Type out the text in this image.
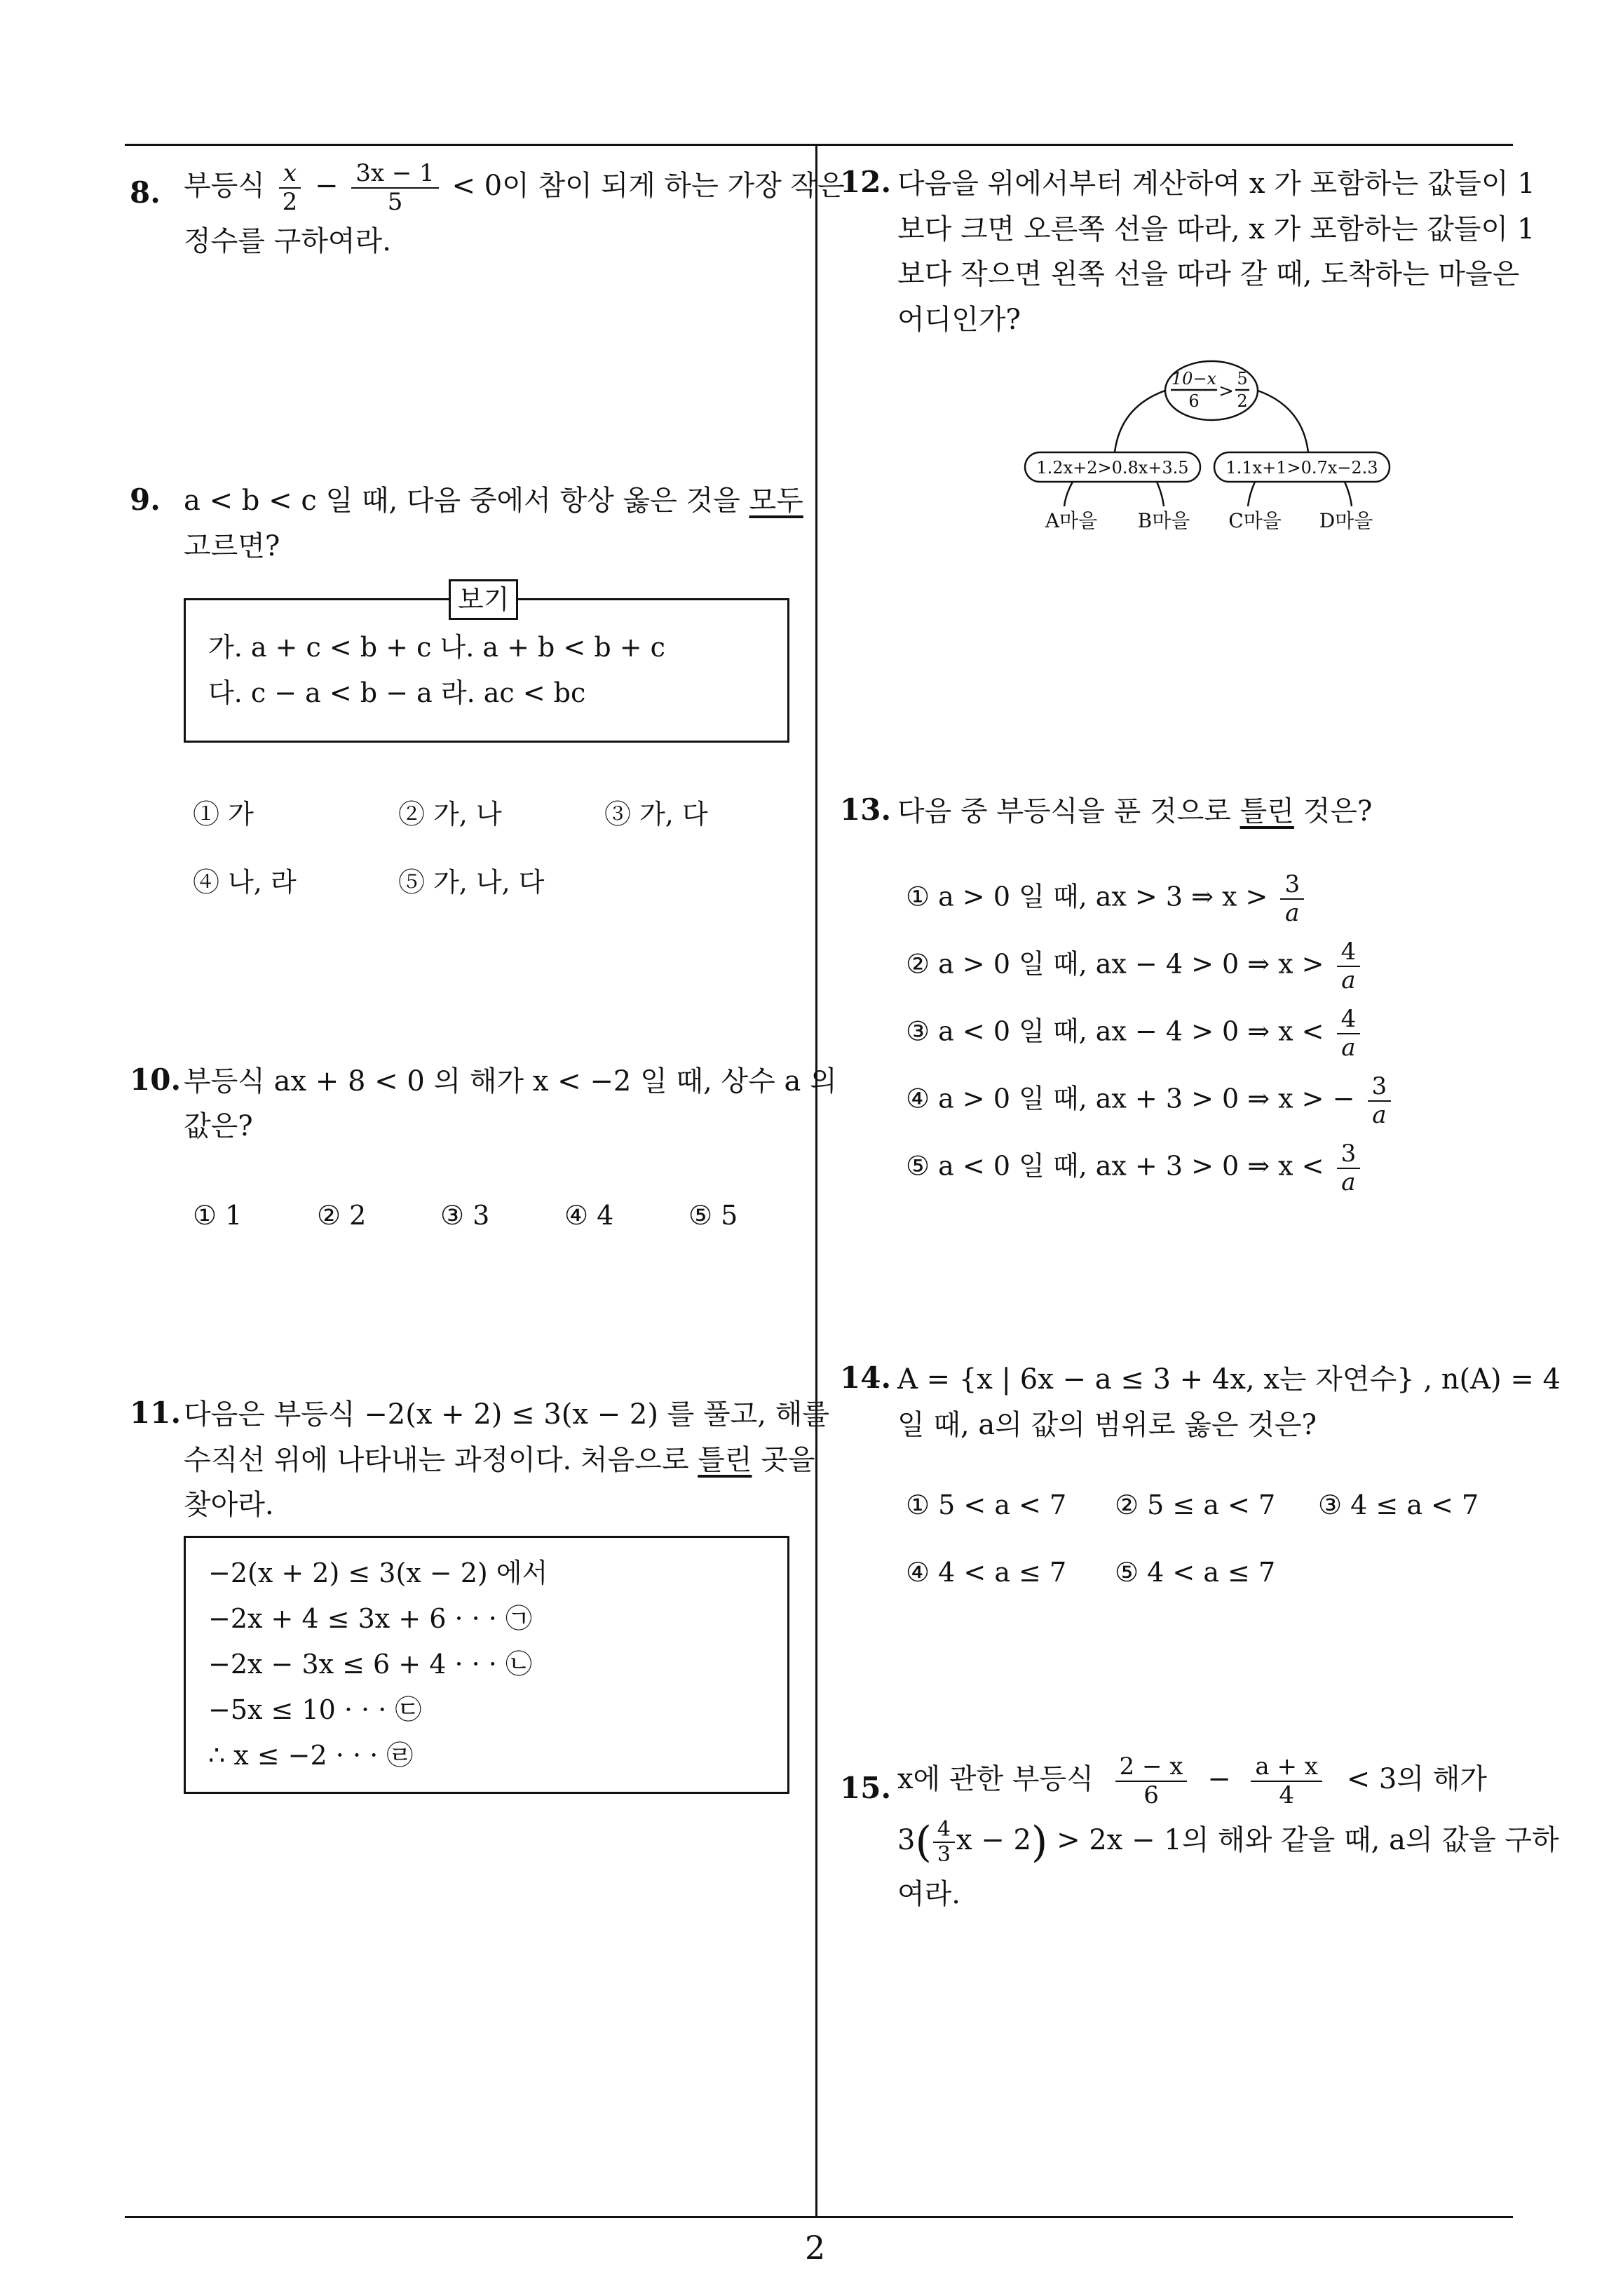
2
8. 부등식 $\frac{x}{2} - \frac{3x - 1}{5} < 0$이 참이 되게 하는 가장 작은
정수를 구하여라.
9. a < b < c 일 때, 다음 중에서 항상 옳은 것을 모두
고르면?
보기
가. a + c < b + c 나. a + b < b + c
다. c − a < b − a 라. ac < bc
① 가	② 가, 나	③ 가, 다
④ 나, 라	⑤ 가, 나, 다
10. 부등식 ax + 8 < 0 의 해가 x < −2 일 때, 상수 a 의
값은?
① 1	② 2	③ 3	④ 4	⑤ 5
11. 다음은 부등식 −2(x + 2) ≤ 3(x − 2) 를 풀고, 해를
수직선 위에 나타내는 과정이다. 처음으로 틀린 곳을
찾아라.
−2(x + 2) ≤ 3(x − 2) 에서
−2x + 4 ≤ 3x + 6 · · · ㉠
−2x − 3x ≤ 6 + 4 · · · ㉡
−5x ≤ 10 · · · ㉢
∴ x ≤ −2 · · · ㉣
12. 다음을 위에서부터 계산하여 x 가 포함하는 값들이 1
보다 크면 오른쪽 선을 따라, x 가 포함하는 값들이 1
보다 작으면 왼쪽 선을 따라 갈 때, 도착하는 마을은
어디인가?
10−x
6 >
5
2
1.2x+2>0.8x+3.5 1.1x+1>0.7x−2.3
A마을 B마을 C마을 D마을
13. 다음 중 부등식을 푼 것으로 틀린 것은?
① a > 0 일 때, ax > 3 ⇒ $x > \frac{3}{a}$
② a > 0 일 때, ax − 4 > 0 ⇒ $x > \frac{4}{a}$
③ a < 0 일 때, ax − 4 > 0 ⇒ $x < \frac{4}{a}$
④ a > 0 일 때, ax + 3 > 0 ⇒ x > − $\frac{3}{a}$
⑤ a < 0 일 때, ax + 3 > 0 ⇒ $x < \frac{3}{a}$
14. A = {x | 6x − a ≤ 3 + 4x, x는 자연수} , n(A) = 4
일 때, a의 값의 범위로 옳은 것은?
① 5 < a < 7 ② 5 ≤ a < 7 ③ 4 ≤ a < 7
④ 4 < a ≤ 7 ⑤ 4 < a ≤ 7
15. x에 관한 부등식 $\frac{2 - x}{6} - \frac{a + x}{4} < 3$의 해가
$3( \frac{4}{3}$ x − 2) > 2x − 1의 해와 같을 때, a의 값을 구하
여라.
